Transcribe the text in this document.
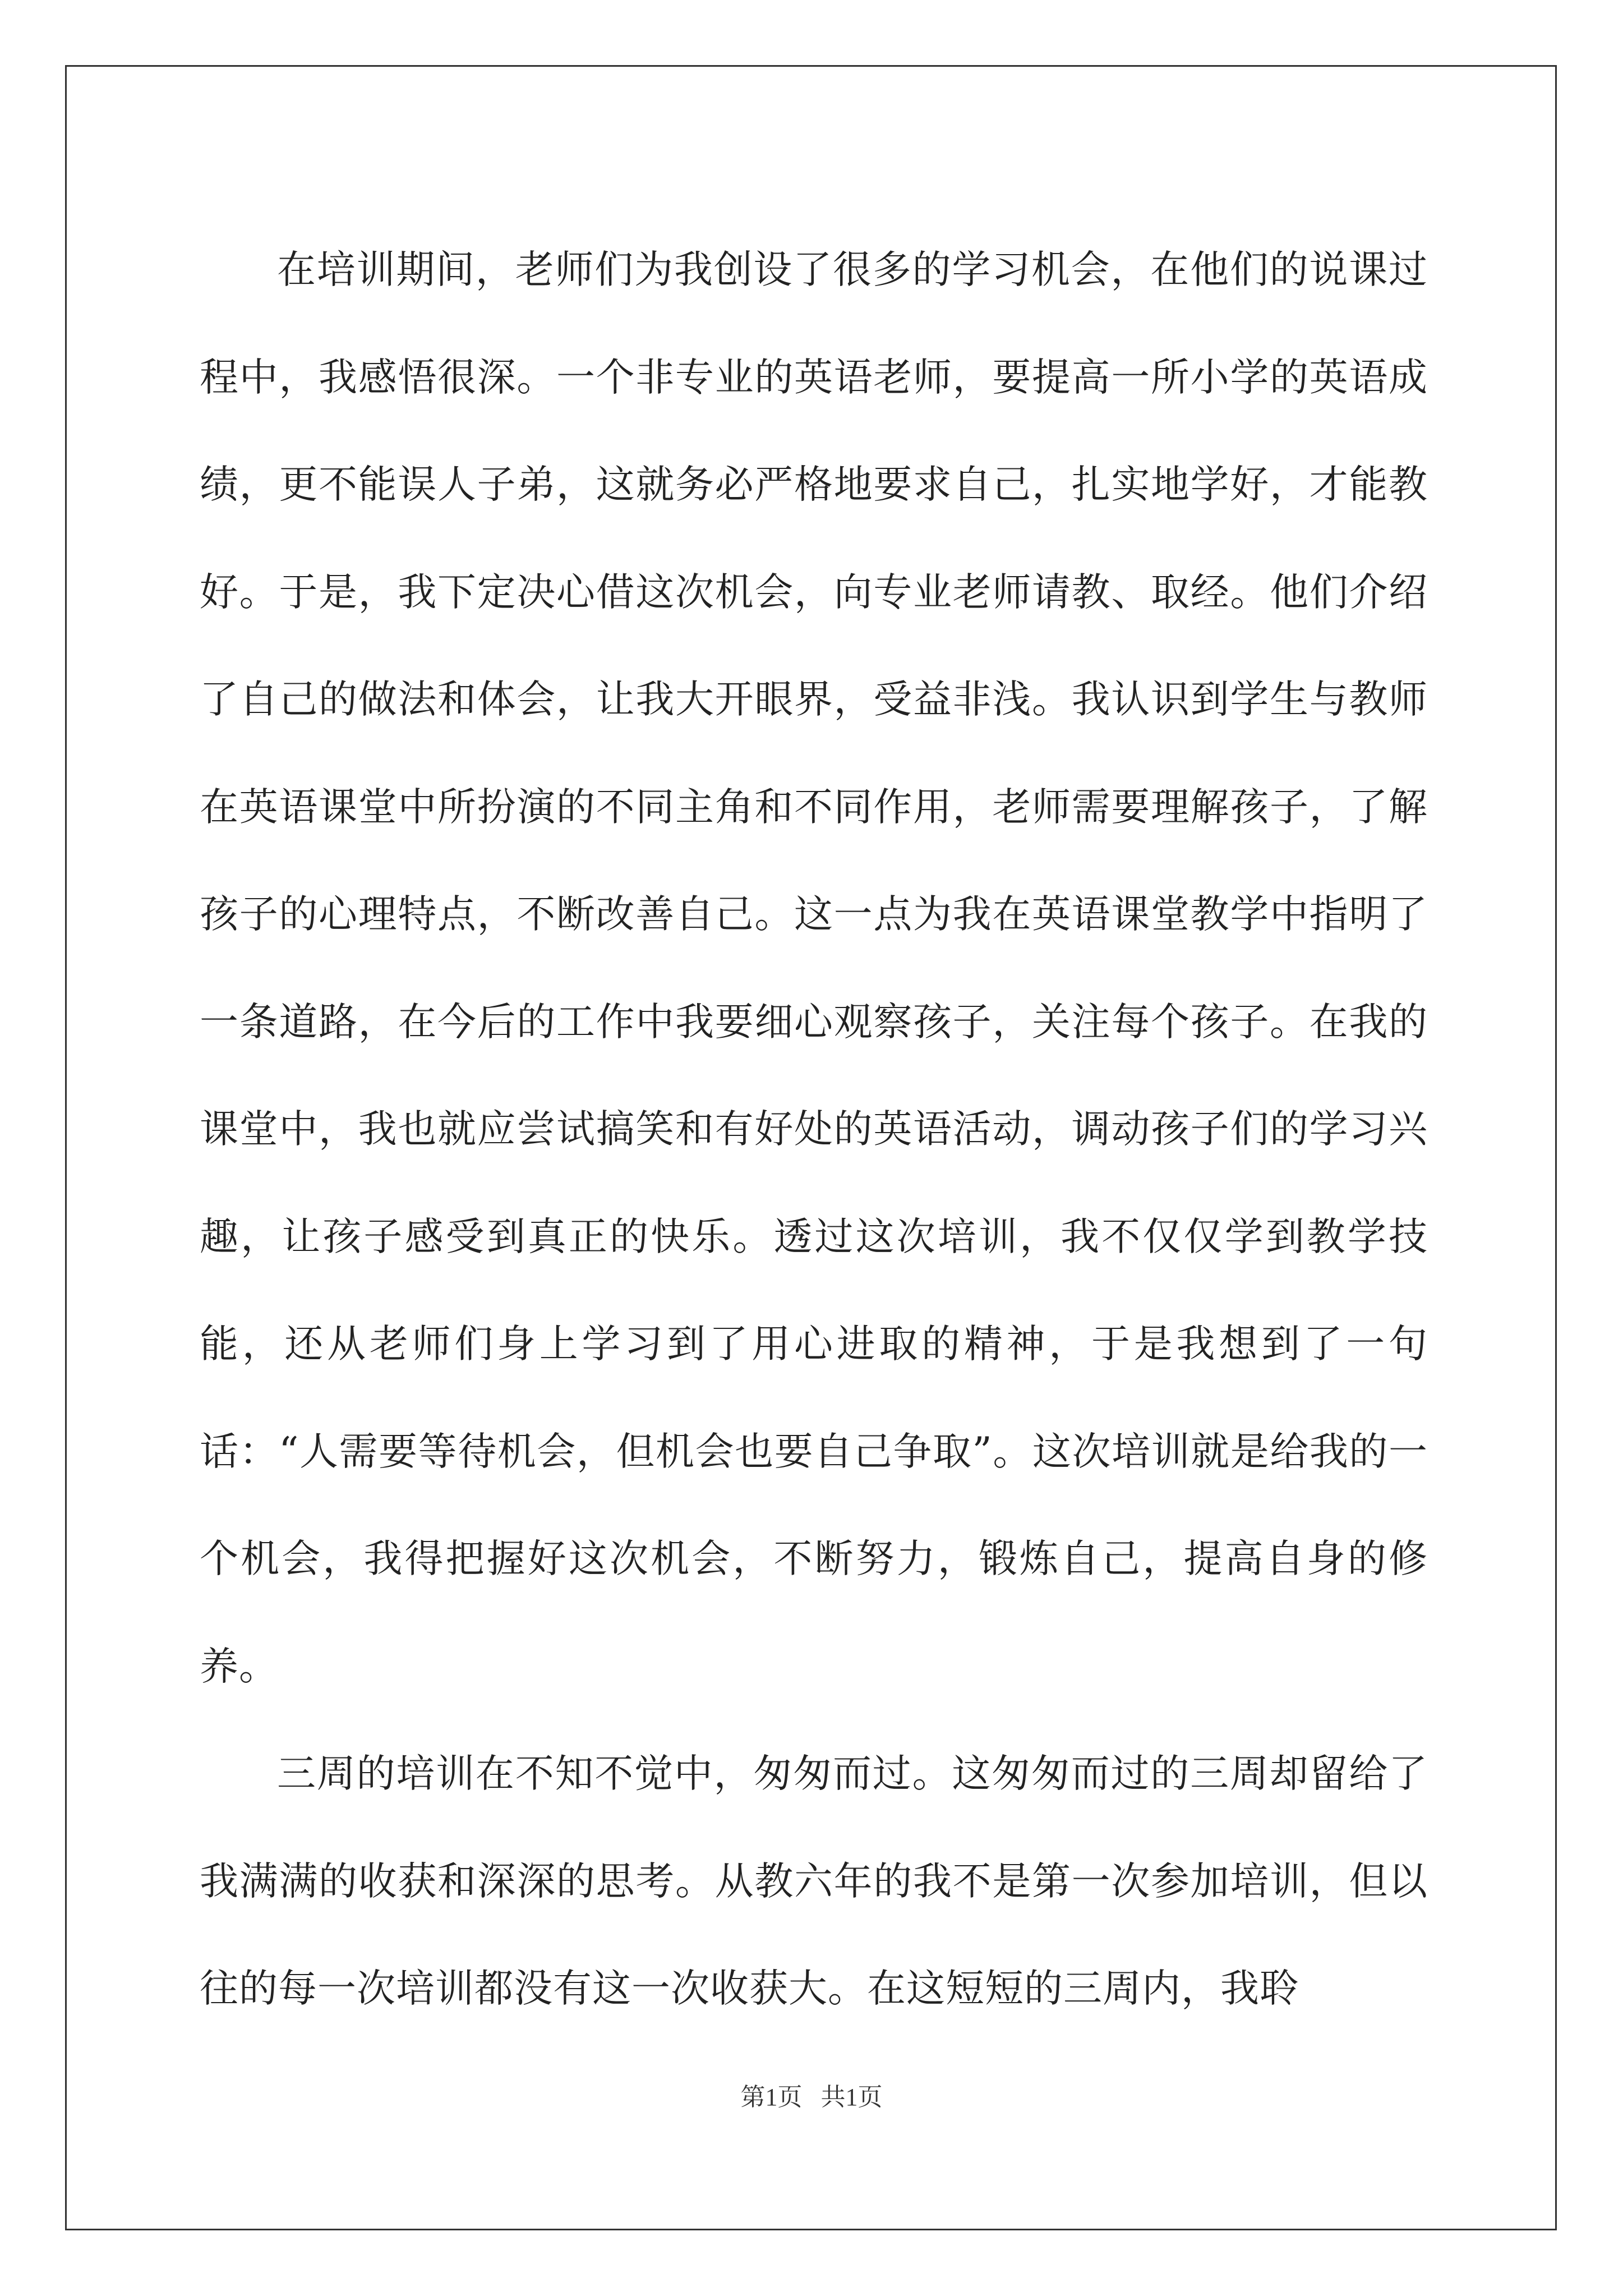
在培训期间，老师们为我创设了很多的学习机会，在他们的说课过程中，我感悟很深。一个非专业的英语老师，要提高一所小学的英语成绩，更不能误人子弟，这就务必严格地要求自己，扎实地学好，才能教好。于是，我下定决心借这次机会，向专业老师请教、取经。他们介绍了自己的做法和体会，让我大开眼界，受益非浅。我认识到学生与教师在英语课堂中所扮演的不同主角和不同作用，老师需要理解孩子，了解孩子的心理特点，不断改善自己。这一点为我在英语课堂教学中指明了一条道路，在今后的工作中我要细心观察孩子，关注每个孩子。在我的课堂中，我也就应尝试搞笑和有好处的英语活动，调动孩子们的学习兴趣，让孩子感受到真正的快乐。透过这次培训，我不仅仅学到教学技能，还从老师们身上学习到了用心进取的精神，于是我想到了一句话：“人需要等待机会，但机会也要自己争取”。这次培训就是给我的一个机会，我得把握好这次机会，不断努力，锻炼自己，提高自身的修养。

三周的培训在不知不觉中，匆匆而过。这匆匆而过的三周却留给了我满满的收获和深深的思考。从教六年的我不是第一次参加培训，但以往的每一次培训都没有这一次收获大。在这短短的三周内，我聆

第1页   共1页
